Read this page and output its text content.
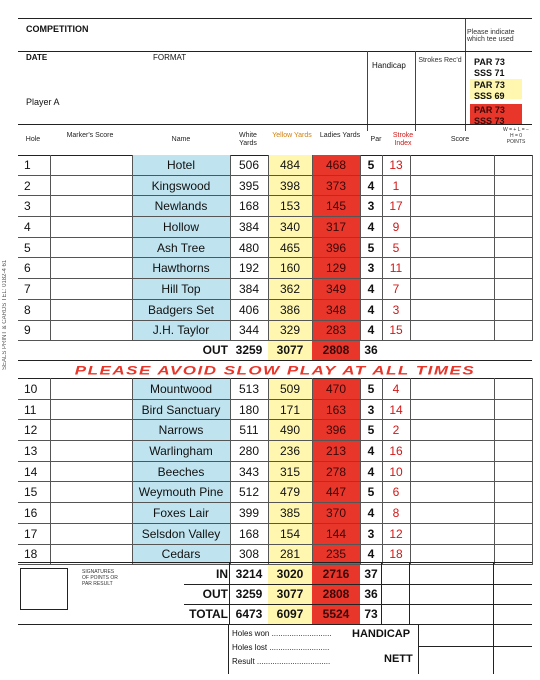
SEALS PRINT & CARDS TEL: 0182-4 61
COMPETITION	Please indicate which tee used
DATE	FORMAT
Handicap
Strokes Rec'd
Player A
PAR 73
SSS 71
PAR 73
SSS 69
PAR 73
SSS 73
Hole
Marker's Score
Name
White Yards
Yellow Yards	Ladies Yards
Par
Stroke Index
Score
W = + L = − H = 0 POINTS
1		Hotel	506	484	468	5	13		
2		Kingswood	395	398	373	4	1		
3		Newlands	168	153	145	3	17		
4		Hollow	384	340	317	4	9		
5		Ash Tree	480	465	396	5	5		
6		Hawthorns	192	160	129	3	11		
7		Hill Top	384	362	349	4	7		
8		Badgers Set	406	386	348	4	3		
9		J.H. Taylor	344	329	283	4	15		
OUT 3259	3077	2808	36
PLEASE AVOID SLOW PLAY AT ALL TIMES
10		Mountwood	513	509	470	5	4		
11		Bird Sanctuary	180	171	163	3	14		
12		Narrows	511	490	396	5	2		
13		Warlingham	280	236	213	4	16		
14		Beeches	343	315	278	4	10		
15		Weymouth Pine	512	479	447	5	6		
16		Foxes Lair	399	385	370	4	8		
17		Selsdon Valley	168	154	144	3	12		
18		Cedars	308	281	235	4	18		
SIGNATURES OF POINTS OR PAR RESULT
IN 3214	3020	2716	37
OUT 3259	3077	2808	36
TOTAL 6473	6097	5524	73
Holes won ...........................
Holes lost ...........................
Result .................................
HANDICAP
NETT
